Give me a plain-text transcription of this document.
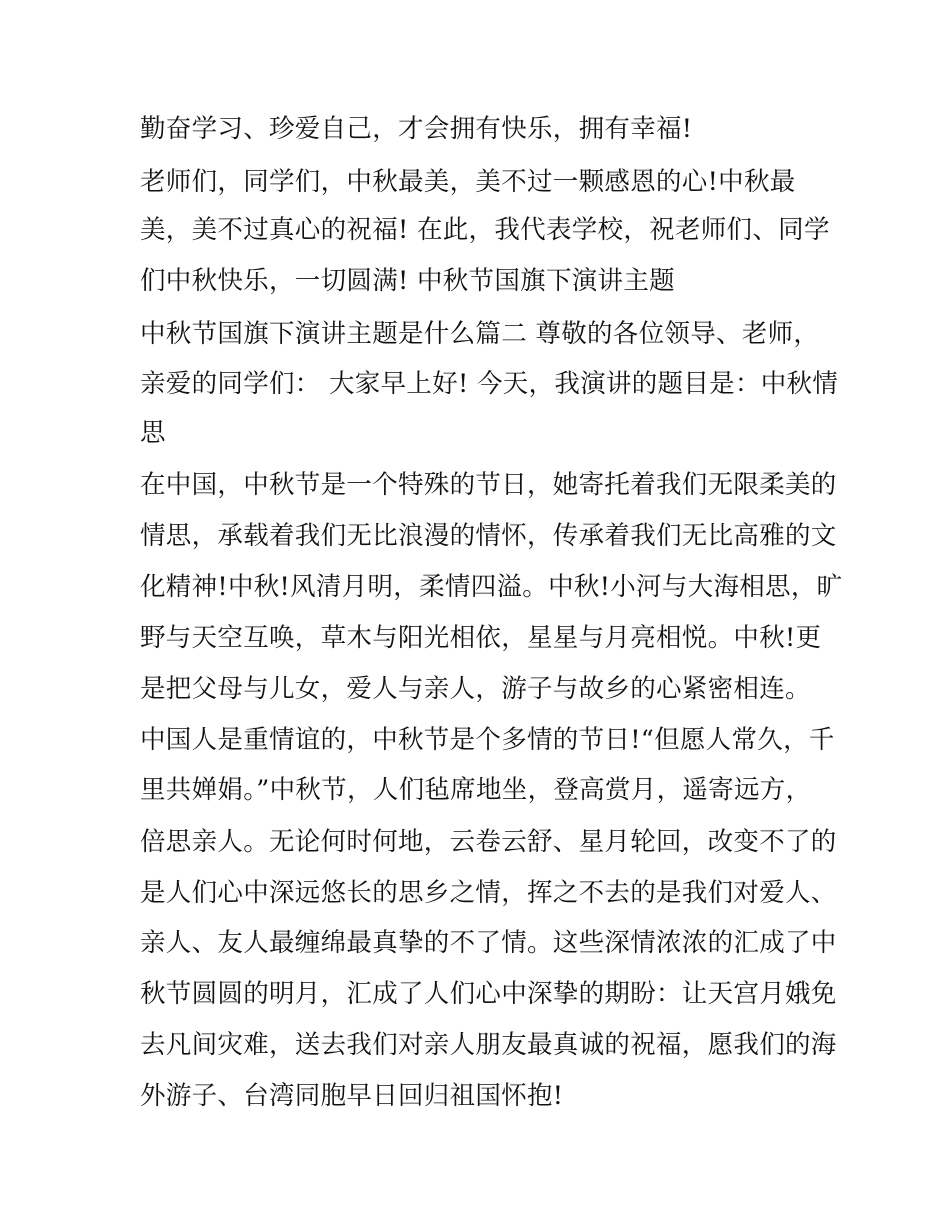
勤奋学习、珍爱自己，才会拥有快乐，拥有幸福!
老师们，同学们，中秋最美，美不过一颗感恩的心!中秋最
美，美不过真心的祝福! 在此，我代表学校，祝老师们、同学
们中秋快乐，一切圆满! 中秋节国旗下演讲主题
中秋节国旗下演讲主题是什么篇二 尊敬的各位领导、老师，
亲爱的同学们： 大家早上好! 今天，我演讲的题目是：中秋情
思
在中国，中秋节是一个特殊的节日，她寄托着我们无限柔美的
情思，承载着我们无比浪漫的情怀，传承着我们无比高雅的文
化精神!中秋!风清月明，柔情四溢。中秋!小河与大海相思，旷
野与天空互唤，草木与阳光相依，星星与月亮相悦。中秋!更
是把父母与儿女，爱人与亲人，游子与故乡的心紧密相连。
中国人是重情谊的，中秋节是个多情的节日!“但愿人常久，千
里共婵娟。”中秋节，人们毡席地坐，登高赏月，遥寄远方，
倍思亲人。无论何时何地，云卷云舒、星月轮回，改变不了的
是人们心中深远悠长的思乡之情，挥之不去的是我们对爱人、
亲人、友人最缠绵最真挚的不了情。这些深情浓浓的汇成了中
秋节圆圆的明月，汇成了人们心中深挚的期盼：让天宫月娥免
去凡间灾难，送去我们对亲人朋友最真诚的祝福，愿我们的海
外游子、台湾同胞早日回归祖国怀抱!
